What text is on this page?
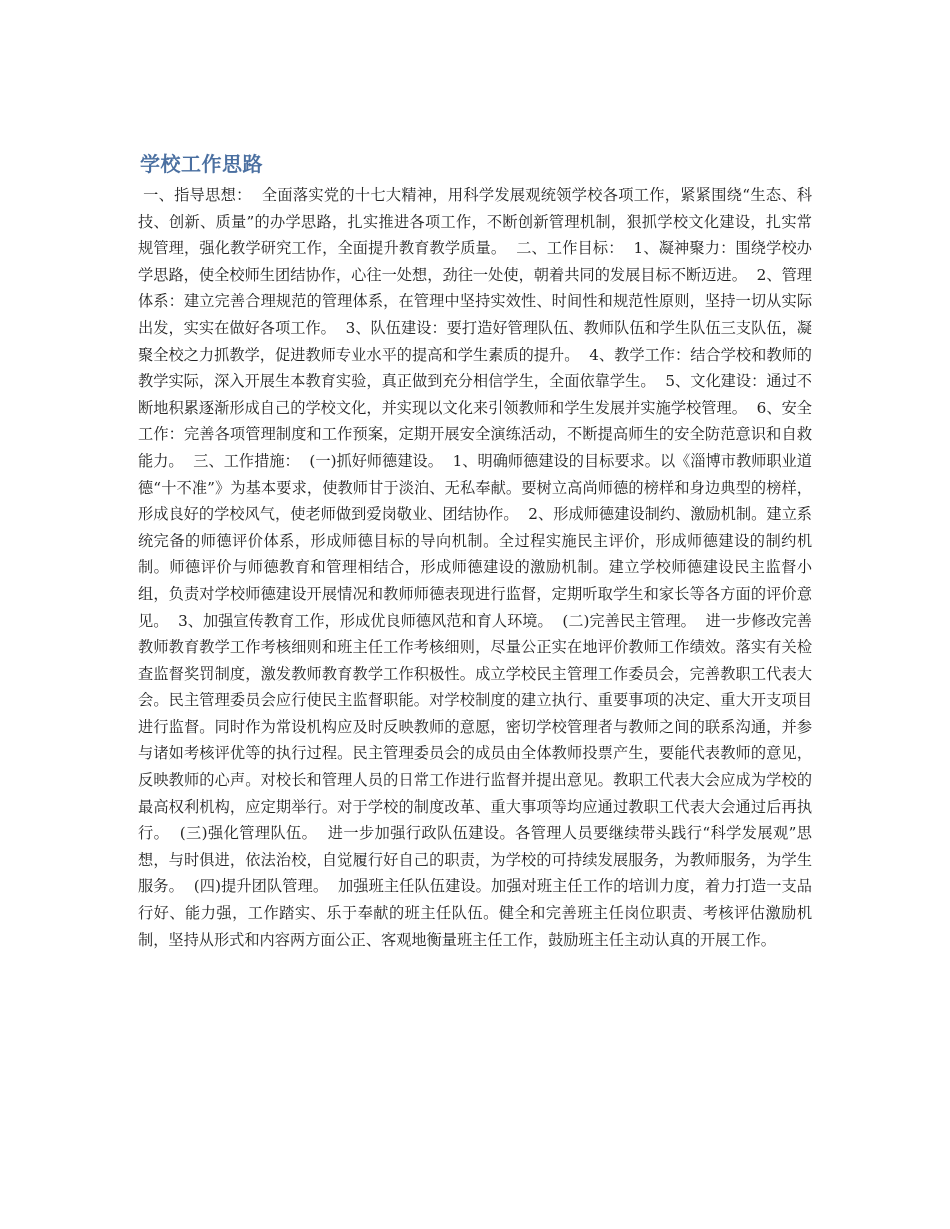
学校工作思路

一、指导思想：  全面落实党的十七大精神，用科学发展观统领学校各项工作，紧紧围绕“生态、科技、创新、质量”的办学思路，扎实推进各项工作，不断创新管理机制，狠抓学校文化建设，扎实常规管理，强化教学研究工作，全面提升教育教学质量。  二、工作目标：  1、凝神聚力：围绕学校办学思路，使全校师生团结协作，心往一处想，劲往一处使，朝着共同的发展目标不断迈进。  2、管理体系：建立完善合理规范的管理体系，在管理中坚持实效性、时间性和规范性原则，坚持一切从实际出发，实实在做好各项工作。  3、队伍建设：要打造好管理队伍、教师队伍和学生队伍三支队伍，凝聚全校之力抓教学，促进教师专业水平的提高和学生素质的提升。  4、教学工作：结合学校和教师的教学实际，深入开展生本教育实验，真正做到充分相信学生，全面依靠学生。  5、文化建设：通过不断地积累逐渐形成自己的学校文化，并实现以文化来引领教师和学生发展并实施学校管理。  6、安全工作：完善各项管理制度和工作预案，定期开展安全演练活动，不断提高师生的安全防范意识和自救能力。  三、工作措施：  (一)抓好师德建设。  1、明确师德建设的目标要求。以《淄博市教师职业道德“十不准”》为基本要求，使教师甘于淡泊、无私奉献。要树立高尚师德的榜样和身边典型的榜样，形成良好的学校风气，使老师做到爱岗敬业、团结协作。  2、形成师德建设制约、激励机制。建立系统完备的师德评价体系，形成师德目标的导向机制。全过程实施民主评价，形成师德建设的制约机制。师德评价与师德教育和管理相结合，形成师德建设的激励机制。建立学校师德建设民主监督小组，负责对学校师德建设开展情况和教师师德表现进行监督，定期听取学生和家长等各方面的评价意见。  3、加强宣传教育工作，形成优良师德风范和育人环境。  (二)完善民主管理。  进一步修改完善教师教育教学工作考核细则和班主任工作考核细则，尽量公正实在地评价教师工作绩效。落实有关检查监督奖罚制度，激发教师教育教学工作积极性。成立学校民主管理工作委员会，完善教职工代表大会。民主管理委员会应行使民主监督职能。对学校制度的建立执行、重要事项的决定、重大开支项目进行监督。同时作为常设机构应及时反映教师的意愿，密切学校管理者与教师之间的联系沟通，并参与诸如考核评优等的执行过程。民主管理委员会的成员由全体教师投票产生，要能代表教师的意见，反映教师的心声。对校长和管理人员的日常工作进行监督并提出意见。教职工代表大会应成为学校的最高权利机构，应定期举行。对于学校的制度改革、重大事项等均应通过教职工代表大会通过后再执行。  (三)强化管理队伍。  进一步加强行政队伍建设。各管理人员要继续带头践行“科学发展观”思想，与时俱进，依法治校，自觉履行好自己的职责，为学校的可持续发展服务，为教师服务，为学生服务。  (四)提升团队管理。  加强班主任队伍建设。加强对班主任工作的培训力度，着力打造一支品行好、能力强，工作踏实、乐于奉献的班主任队伍。健全和完善班主任岗位职责、考核评估激励机制，坚持从形式和内容两方面公正、客观地衡量班主任工作，鼓励班主任主动认真的开展工作。
